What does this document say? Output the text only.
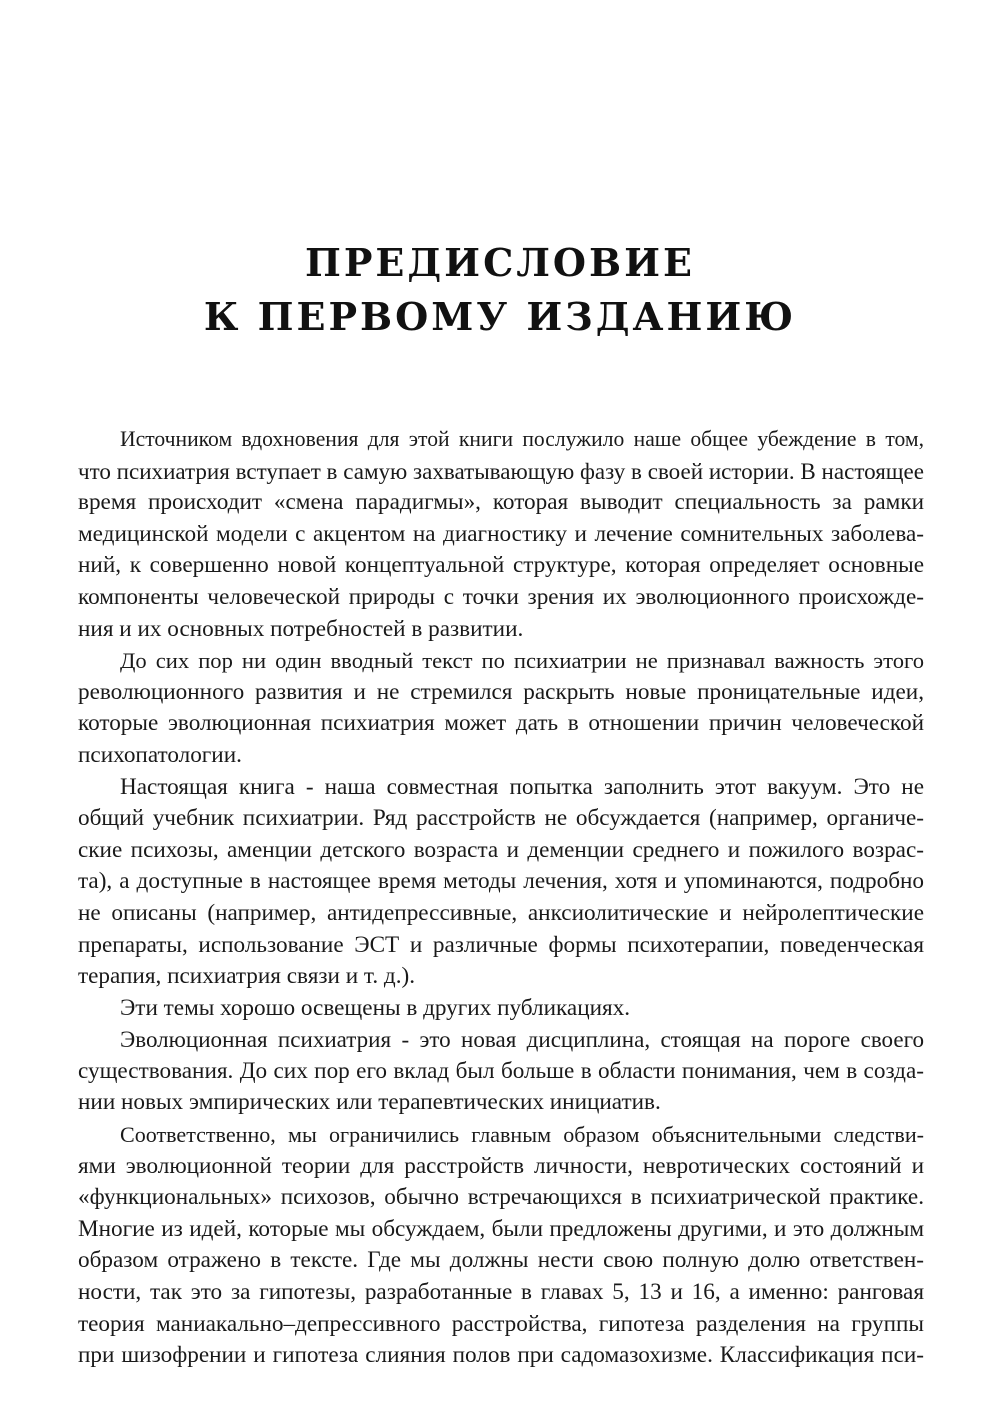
ПРЕДИСЛОВИЕ
К ПЕРВОМУ ИЗДАНИЮ
Источником вдохновения для этой книги послужило наше общее убеждение в том,
что психиатрия вступает в самую захватывающую фазу в своей истории. В настоящее
время происходит «смена парадигмы», которая выводит специальность за рамки
медицинской модели с акцентом на диагностику и лечение сомнительных заболева-
ний, к совершенно новой концептуальной структуре, которая определяет основные
компоненты человеческой природы с точки зрения их эволюционного происхожде-
ния и их основных потребностей в развитии.
До сих пор ни один вводный текст по психиатрии не признавал важность этого
революционного развития и не стремился раскрыть новые проницательные идеи,
которые эволюционная психиатрия может дать в отношении причин человеческой
психопатологии.
Настоящая книга - наша совместная попытка заполнить этот вакуум. Это не
общий учебник психиатрии. Ряд расстройств не обсуждается (например, органиче-
ские психозы, аменции детского возраста и деменции среднего и пожилого возрас-
та), а доступные в настоящее время методы лечения, хотя и упоминаются, подробно
не описаны (например, антидепрессивные, анксиолитические и нейролептические
препараты, использование ЭСТ и различные формы психотерапии, поведенческая
терапия, психиатрия связи и т. д.).
Эти темы хорошо освещены в других публикациях.
Эволюционная психиатрия - это новая дисциплина, стоящая на пороге своего
существования. До сих пор его вклад был больше в области понимания, чем в созда-
нии новых эмпирических или терапевтических инициатив.
Соответственно, мы ограничились главным образом объяснительными следстви-
ями эволюционной теории для расстройств личности, невротических состояний и
«функциональных» психозов, обычно встречающихся в психиатрической практике.
Многие из идей, которые мы обсуждаем, были предложены другими, и это должным
образом отражено в тексте. Где мы должны нести свою полную долю ответствен-
ности, так это за гипотезы, разработанные в главах 5, 13 и 16, а именно: ранговая
теория маниакально–депрессивного расстройства, гипотеза разделения на группы
при шизофрении и гипотеза слияния полов при садомазохизме. Классификация пси-
